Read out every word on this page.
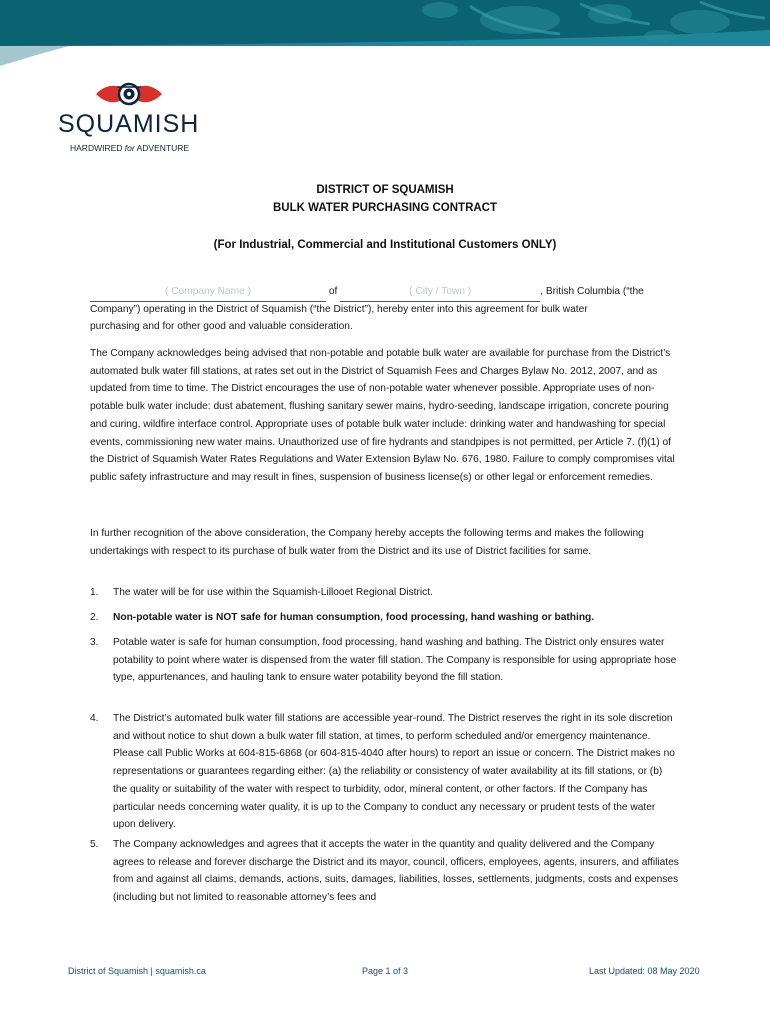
SQUAMISH
HARDWIRED for ADVENTURE
DISTRICT OF SQUAMISH
BULK WATER PURCHASING CONTRACT
(For Industrial, Commercial and Institutional Customers ONLY)
( Company Name )	of	( City / Town )	, British Columbia (“the
Company”) operating in the District of Squamish (“the District”), hereby enter into this agreement for bulk water
purchasing and for other good and valuable consideration.
The Company acknowledges being advised that non-potable and potable bulk water are available for purchase from the District’s automated bulk water fill stations, at rates set out in the District of Squamish Fees and Charges Bylaw No. 2012, 2007, and as updated from time to time. The District encourages the use of non-potable water whenever possible. Appropriate uses of non-potable bulk water include: dust abatement, flushing sanitary sewer mains, hydro-seeding, landscape irrigation, concrete pouring and curing, wildfire interface control. Appropriate uses of potable bulk water include: drinking water and handwashing for special events, commissioning new water mains. Unauthorized use of fire hydrants and standpipes is not permitted, per Article 7. (f)(1) of the District of Squamish Water Rates Regulations and Water Extension Bylaw No. 676, 1980. Failure to comply compromises vital public safety infrastructure and may result in fines, suspension of business license(s) or other legal or enforcement remedies.
In further recognition of the above consideration, the Company hereby accepts the following terms and makes the following undertakings with respect to its purchase of bulk water from the District and its use of District facilities for same.
1. The water will be for use within the Squamish-Lillooet Regional District.
2. Non-potable water is NOT safe for human consumption, food processing, hand washing or bathing.
3. Potable water is safe for human consumption, food processing, hand washing and bathing. The District only ensures water potability to point where water is dispensed from the water fill station. The Company is responsible for using appropriate hose type, appurtenances, and hauling tank to ensure water potability beyond the fill station.
4. The District’s automated bulk water fill stations are accessible year-round. The District reserves the right in its sole discretion and without notice to shut down a bulk water fill station, at times, to perform scheduled and/or emergency maintenance. Please call Public Works at 604-815-6868 (or 604-815-4040 after hours) to report an issue or concern. The District makes no representations or guarantees regarding either: (a) the reliability or consistency of water availability at its fill stations, or (b) the quality or suitability of the water with respect to turbidity, odor, mineral content, or other factors. If the Company has particular needs concerning water quality, it is up to the Company to conduct any necessary or prudent tests of the water upon delivery.
5. The Company acknowledges and agrees that it accepts the water in the quantity and quality delivered and the Company agrees to release and forever discharge the District and its mayor, council, officers, employees, agents, insurers, and affiliates from and against all claims, demands, actions, suits, damages, liabilities, losses, settlements, judgments, costs and expenses (including but not limited to reasonable attorney’s fees and
District of Squamish | squamish.ca	Page 1 of 3	Last Updated: 08 May 2020
